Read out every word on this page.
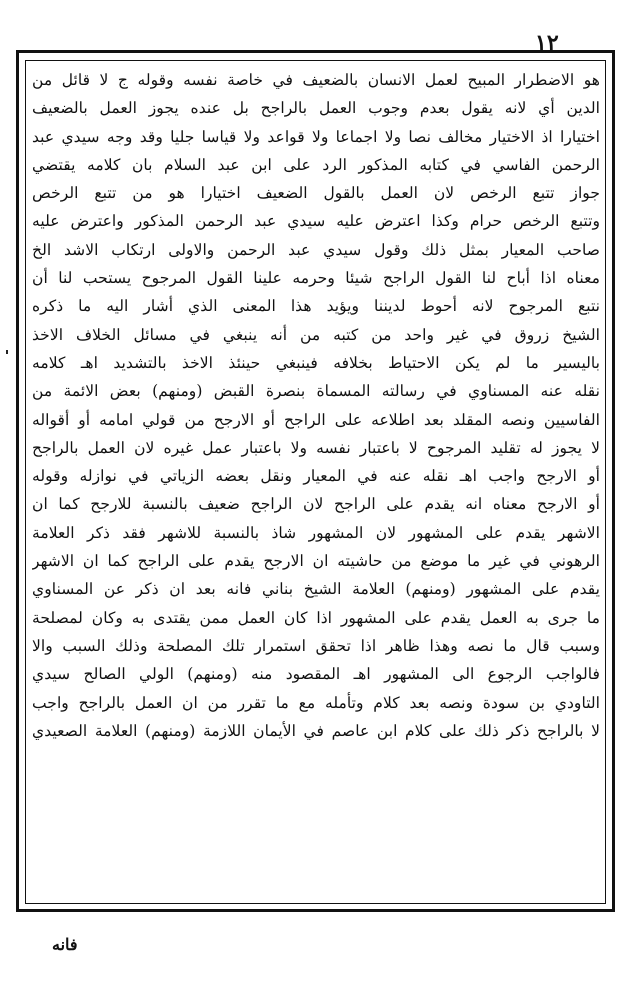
١٢
هو الاضطرار المبيح لعمل الانسان بالضعيف في خاصة نفسه وقوله ج لا قائل من
الدين أي لانه يقول بعدم وجوب العمل بالراجح بل عنده يجوز العمل بالضعيف
اختيارا اذ الاختيار مخالف نصا ولا اجماعا ولا قواعد ولا قياسا جليا وقد وجه سيدي عبد
الرحمن الفاسي في كتابه المذكور الرد على ابن عبد السلام بان كلامه يقتضي
جواز تتبع الرخص لان العمل بالقول الضعيف اختيارا هو من تتبع الرخص
وتتبع الرخص حرام وكذا اعترض عليه سيدي عبد الرحمن المذكور واعترض عليه
صاحب المعيار بمثل ذلك وقول سيدي عبد الرحمن والاولى ارتكاب الاشد الخ
معناه اذا أباح لنا القول الراجح شيئا وحرمه علينا القول المرجوح يستحب لنا أن
نتبع المرجوح لانه أحوط لديننا ويؤيد هذا المعنى الذي أشار اليه ما ذكره
الشيخ زروق في غير واحد من كتبه من أنه ينبغي في مسائل الخلاف الاخذ
باليسير ما لم يكن الاحتياط بخلافه فينبغي حينئذ الاخذ بالتشديد اهـ كلامه
نقله عنه المسناوي في رسالته المسماة بنصرة القبض (ومنهم) بعض الائمة من
الفاسيين ونصه المقلد بعد اطلاعه على الراجح أو الارجح من قولي امامه أو أقواله
لا يجوز له تقليد المرجوح لا باعتبار نفسه ولا باعتبار عمل غيره لان العمل بالراجح
أو الارجح واجب اهـ نقله عنه في المعيار ونقل بعضه الزياتي في نوازله وقوله
أو الارجح معناه انه يقدم على الراجح لان الراجح ضعيف بالنسبة للارجح كما ان
الاشهر يقدم على المشهور لان المشهور شاذ بالنسبة للاشهر فقد ذكر العلامة
الرهوني في غير ما موضع من حاشيته ان الارجح يقدم على الراجح كما ان الاشهر
يقدم على المشهور (ومنهم) العلامة الشيخ بناني فانه بعد ان ذكر عن المسناوي
ما جرى به العمل يقدم على المشهور اذا كان العمل ممن يقتدى به وكان لمصلحة
وسبب قال ما نصه وهذا ظاهر اذا تحقق استمرار تلك المصلحة وذلك السبب والا
فالواجب الرجوع الى المشهور اهـ المقصود منه (ومنهم) الولي الصالح سيدي
التاودي بن سودة ونصه بعد كلام وتأمله مع ما تقرر من ان العمل بالراجح واجب
لا بالراجح ذكر ذلك على كلام ابن عاصم في الأيمان اللازمة (ومنهم) العلامة الصعيدي
فانه
